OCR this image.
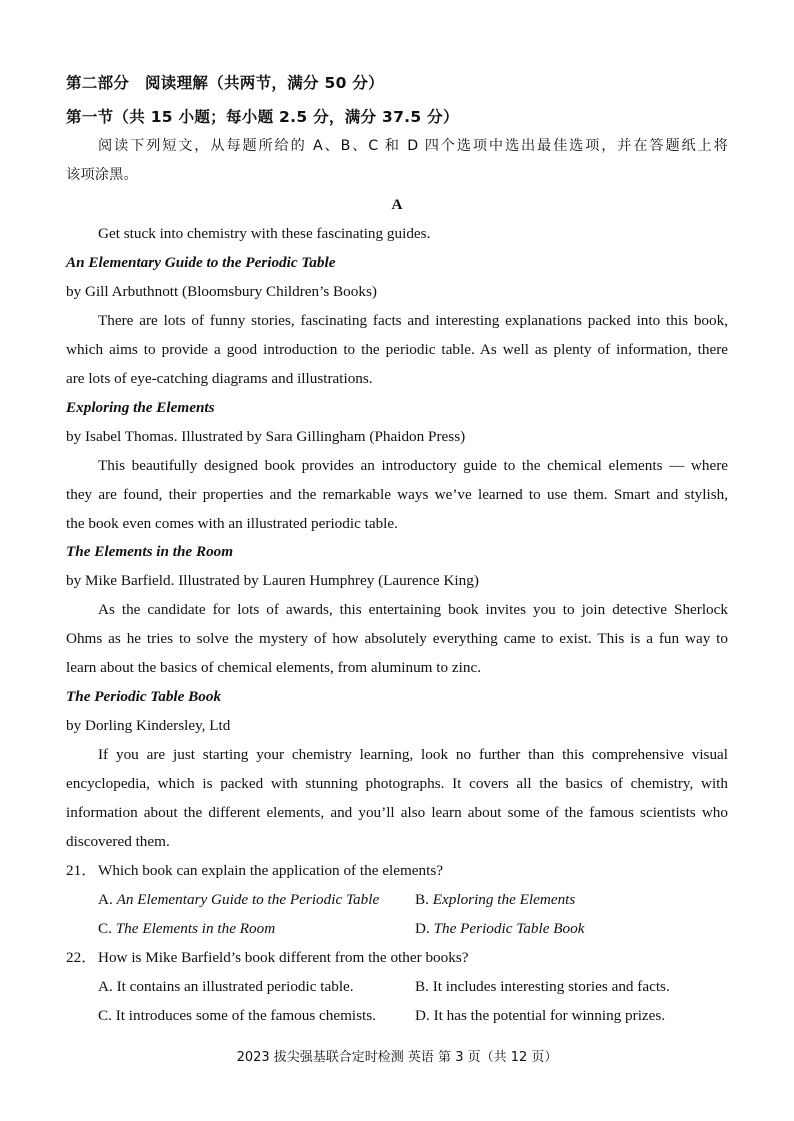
第二部分　阅读理解（共两节，满分 50 分）
第一节（共 15 小题；每小题 2.5 分，满分 37.5 分）
阅读下列短文，从每题所给的 A、B、C 和 D 四个选项中选出最佳选项，并在答题纸上将
该项涂黑。
A
Get stuck into chemistry with these fascinating guides.
An Elementary Guide to the Periodic Table
by Gill Arbuthnott (Bloomsbury Children’s Books)
There are lots of funny stories, fascinating facts and interesting explanations packed into this book,
which aims to provide a good introduction to the periodic table. As well as plenty of information, there
are lots of eye-catching diagrams and illustrations.
Exploring the Elements
by Isabel Thomas. Illustrated by Sara Gillingham (Phaidon Press)
This beautifully designed book provides an introductory guide to the chemical elements — where
they are found, their properties and the remarkable ways we’ve learned to use them. Smart and stylish,
the book even comes with an illustrated periodic table.
The Elements in the Room
by Mike Barfield. Illustrated by Lauren Humphrey (Laurence King)
As the candidate for lots of awards, this entertaining book invites you to join detective Sherlock
Ohms as he tries to solve the mystery of how absolutely everything came to exist. This is a fun way to
learn about the basics of chemical elements, from aluminum to zinc.
The Periodic Table Book
by Dorling Kindersley, Ltd
If you are just starting your chemistry learning, look no further than this comprehensive visual
encyclopedia, which is packed with stunning photographs. It covers all the basics of chemistry, with
information about the different elements, and you’ll also learn about some of the famous scientists who
discovered them.
21． Which book can explain the application of the elements?
A. An Elementary Guide to the Periodic Table B. Exploring the Elements
C. The Elements in the Room	D. The Periodic Table Book
22． How is Mike Barfield’s book different from the other books?
A. It contains an illustrated periodic table.	B. It includes interesting stories and facts.
C. It introduces some of the famous chemists.	D. It has the potential for winning prizes.
2023 拔尖强基联合定时检测 英语 第 3 页（共 12 页）
